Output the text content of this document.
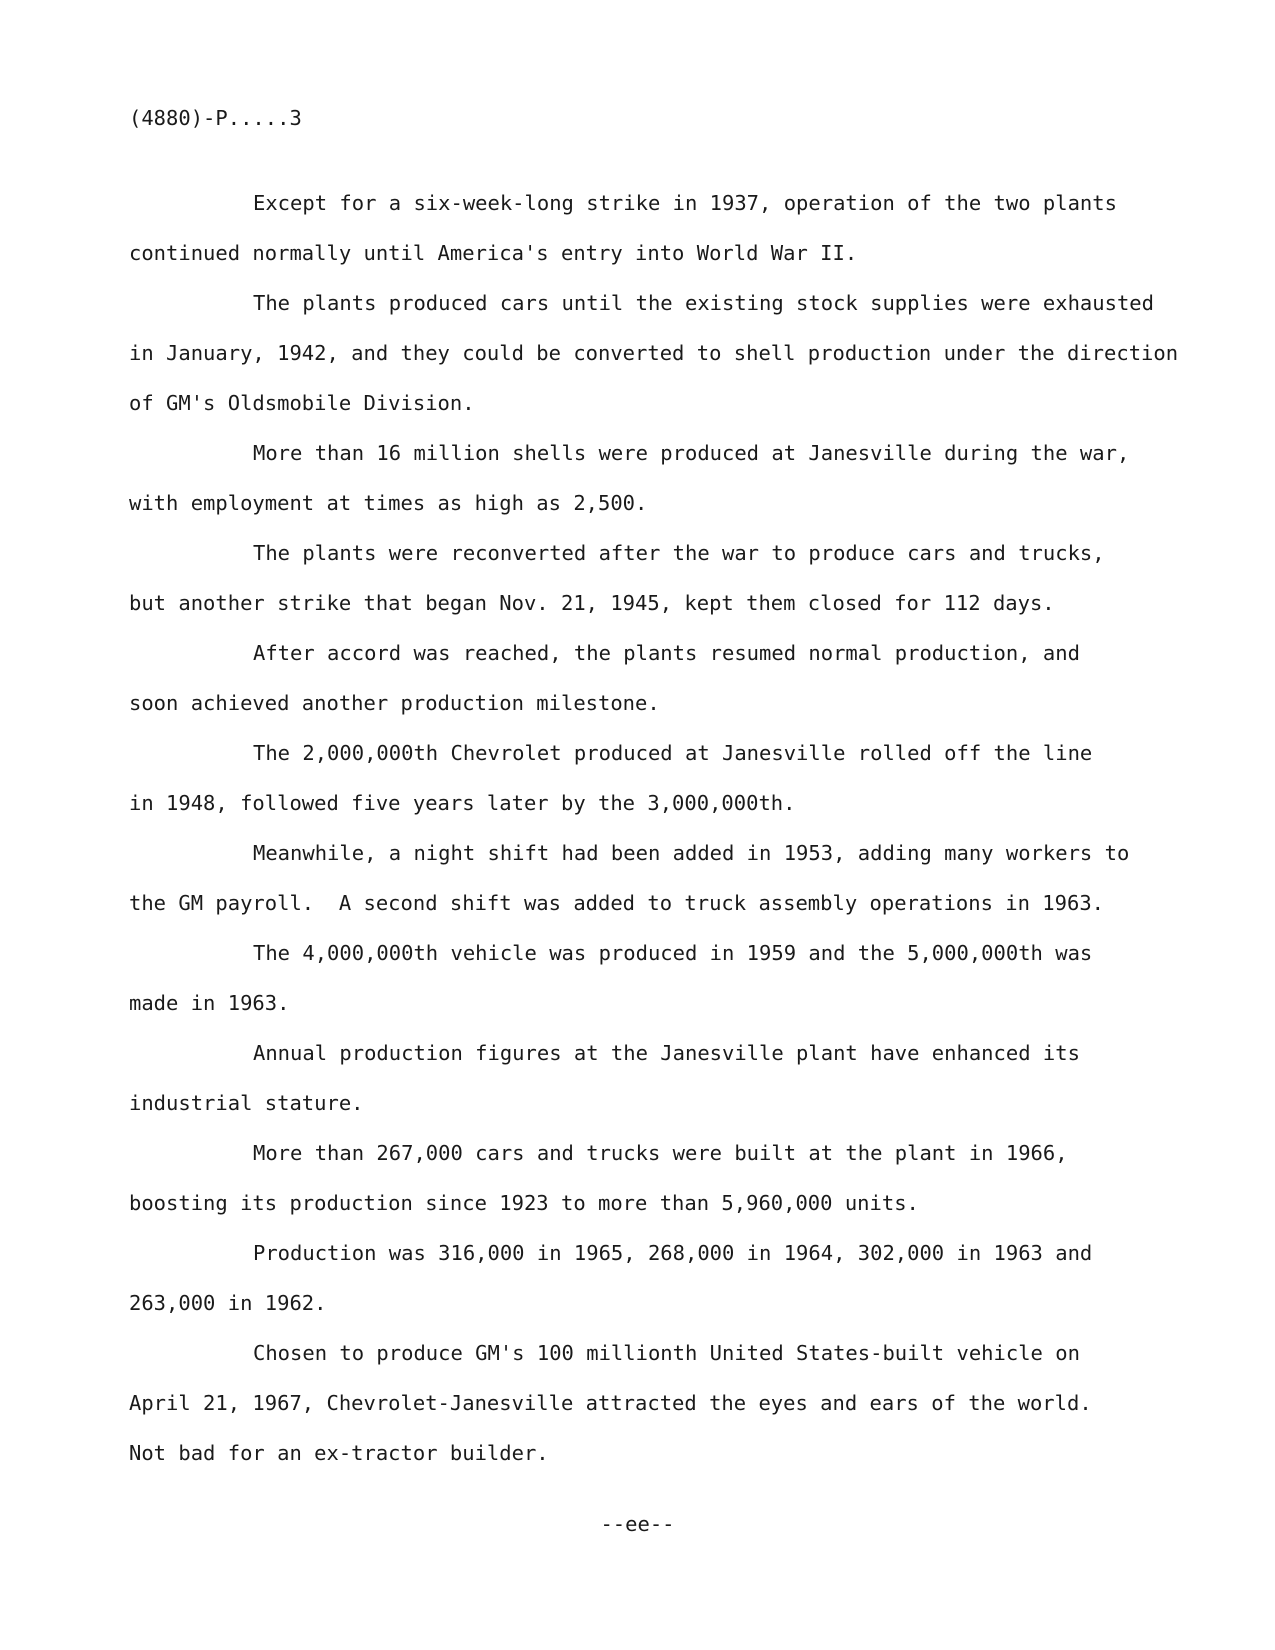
(4880)-P.....3
Except for a six-week-long strike in 1937, operation of the two plants
continued normally until America's entry into World War II.
The plants produced cars until the existing stock supplies were exhausted
in January, 1942, and they could be converted to shell production under the direction
of GM's Oldsmobile Division.
More than 16 million shells were produced at Janesville during the war,
with employment at times as high as 2,500.
The plants were reconverted after the war to produce cars and trucks,
but another strike that began Nov. 21, 1945, kept them closed for 112 days.
After accord was reached, the plants resumed normal production, and
soon achieved another production milestone.
The 2,000,000th Chevrolet produced at Janesville rolled off the line
in 1948, followed five years later by the 3,000,000th.
Meanwhile, a night shift had been added in 1953, adding many workers to
the GM payroll.  A second shift was added to truck assembly operations in 1963.
The 4,000,000th vehicle was produced in 1959 and the 5,000,000th was
made in 1963.
Annual production figures at the Janesville plant have enhanced its
industrial stature.
More than 267,000 cars and trucks were built at the plant in 1966,
boosting its production since 1923 to more than 5,960,000 units.
Production was 316,000 in 1965, 268,000 in 1964, 302,000 in 1963 and
263,000 in 1962.
Chosen to produce GM's 100 millionth United States-built vehicle on
April 21, 1967, Chevrolet-Janesville attracted the eyes and ears of the world.
Not bad for an ex-tractor builder.
--ee--
